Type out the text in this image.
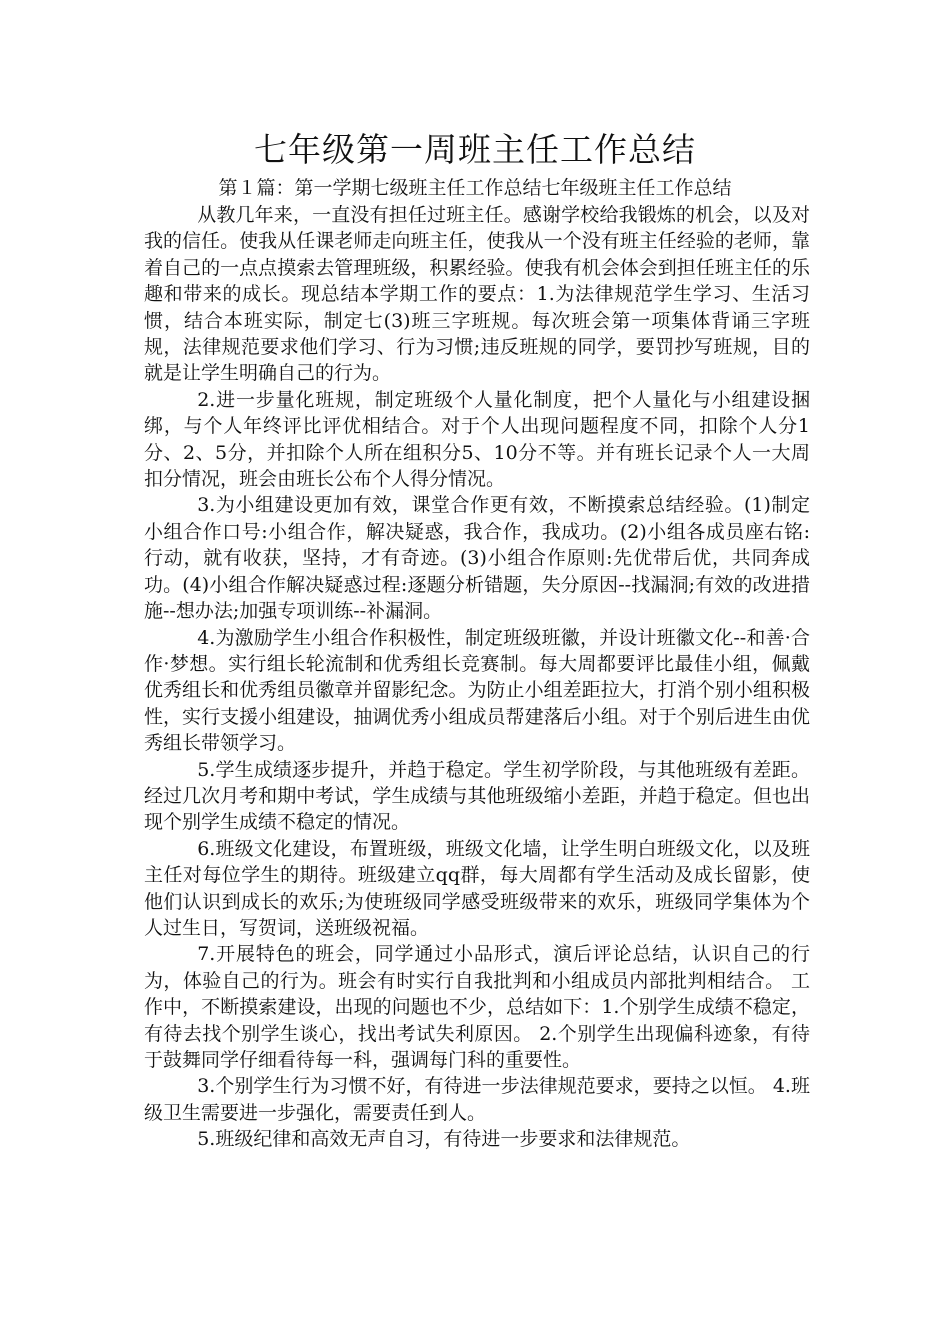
七年级第一周班主任工作总结
第１篇：第一学期七级班主任工作总结七年级班主任工作总结

从教几年来，一直没有担任过班主任。感谢学校给我锻炼的机会，以及对我的信任。使我从任课老师走向班主任，使我从一个没有班主任经验的老师，靠着自己的一点点摸索去管理班级，积累经验。使我有机会体会到担任班主任的乐趣和带来的成长。现总结本学期工作的要点：1.为法律规范学生学习、生活习惯，结合本班实际，制定七(3)班三字班规。每次班会第一项集体背诵三字班规，法律规范要求他们学习、行为习惯;违反班规的同学，要罚抄写班规，目的就是让学生明确自己的行为。

2.进一步量化班规，制定班级个人量化制度，把个人量化与小组建设捆绑，与个人年终评比评优相结合。对于个人出现问题程度不同，扣除个人分1分、2、5分，并扣除个人所在组积分5、10分不等。并有班长记录个人一大周扣分情况，班会由班长公布个人得分情况。

3.为小组建设更加有效，课堂合作更有效，不断摸索总结经验。(1)制定小组合作口号:小组合作，解决疑惑，我合作，我成功。(2)小组各成员座右铭:行动，就有收获，坚持，才有奇迹。(3)小组合作原则:先优带后优，共同奔成功。(4)小组合作解决疑惑过程:逐题分析错题，失分原因--找漏洞;有效的改进措施--想办法;加强专项训练--补漏洞。

4.为激励学生小组合作积极性，制定班级班徽，并设计班徽文化--和善·合作·梦想。实行组长轮流制和优秀组长竞赛制。每大周都要评比最佳小组，佩戴优秀组长和优秀组员徽章并留影纪念。为防止小组差距拉大，打消个别小组积极性，实行支援小组建设，抽调优秀小组成员帮建落后小组。对于个别后进生由优秀组长带领学习。

5.学生成绩逐步提升，并趋于稳定。学生初学阶段，与其他班级有差距。经过几次月考和期中考试，学生成绩与其他班级缩小差距，并趋于稳定。但也出现个别学生成绩不稳定的情况。

6.班级文化建设，布置班级，班级文化墙，让学生明白班级文化，以及班主任对每位学生的期待。班级建立qq群，每大周都有学生活动及成长留影，使他们认识到成长的欢乐;为使班级同学感受班级带来的欢乐，班级同学集体为个人过生日，写贺词，送班级祝福。

7.开展特色的班会，同学通过小品形式，演后评论总结，认识自己的行为，体验自己的行为。班会有时实行自我批判和小组成员内部批判相结合。 工作中，不断摸索建设，出现的问题也不少，总结如下：1.个别学生成绩不稳定，有待去找个别学生谈心，找出考试失利原因。 2.个别学生出现偏科迹象，有待于鼓舞同学仔细看待每一科，强调每门科的重要性。

3.个别学生行为习惯不好，有待进一步法律规范要求，要持之以恒。 4.班级卫生需要进一步强化，需要责任到人。

5.班级纪律和高效无声自习，有待进一步要求和法律规范。
